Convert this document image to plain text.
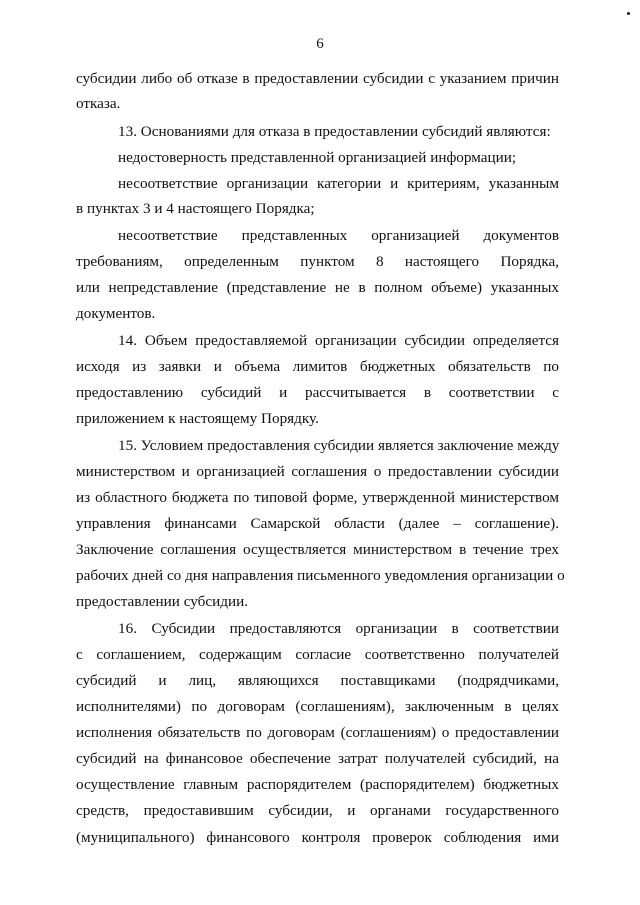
6
субсидии либо об отказе в предоставлении субсидии с указанием причин
отказа.
13. Основаниями для отказа в предоставлении субсидий являются:
недостоверность представленной организацией информации;
несоответствие организации категории и критериям, указанным
в пунктах 3 и 4 настоящего Порядка;
несоответствие представленных организацией документов
требованиям, определенным пунктом 8 настоящего Порядка,
или непредставление (представление не в полном объеме) указанных
документов.
14. Объем предоставляемой организации субсидии определяется
исходя из заявки и объема лимитов бюджетных обязательств по
предоставлению субсидий и рассчитывается в соответствии с
приложением к настоящему Порядку.
15. Условием предоставления субсидии является заключение между
министерством и организацией соглашения о предоставлении субсидии
из областного бюджета по типовой форме, утвержденной министерством
управления финансами Самарской области (далее – соглашение).
Заключение соглашения осуществляется министерством в течение трех
рабочих дней со дня направления письменного уведомления организации о
предоставлении субсидии.
16. Субсидии предоставляются организации в соответствии
с соглашением, содержащим согласие соответственно получателей
субсидий и лиц, являющихся поставщиками (подрядчиками,
исполнителями) по договорам (соглашениям), заключенным в целях
исполнения обязательств по договорам (соглашениям) о предоставлении
субсидий на финансовое обеспечение затрат получателей субсидий, на
осуществление главным распорядителем (распорядителем) бюджетных
средств, предоставившим субсидии, и органами государственного
(муниципального) финансового контроля проверок соблюдения ими
